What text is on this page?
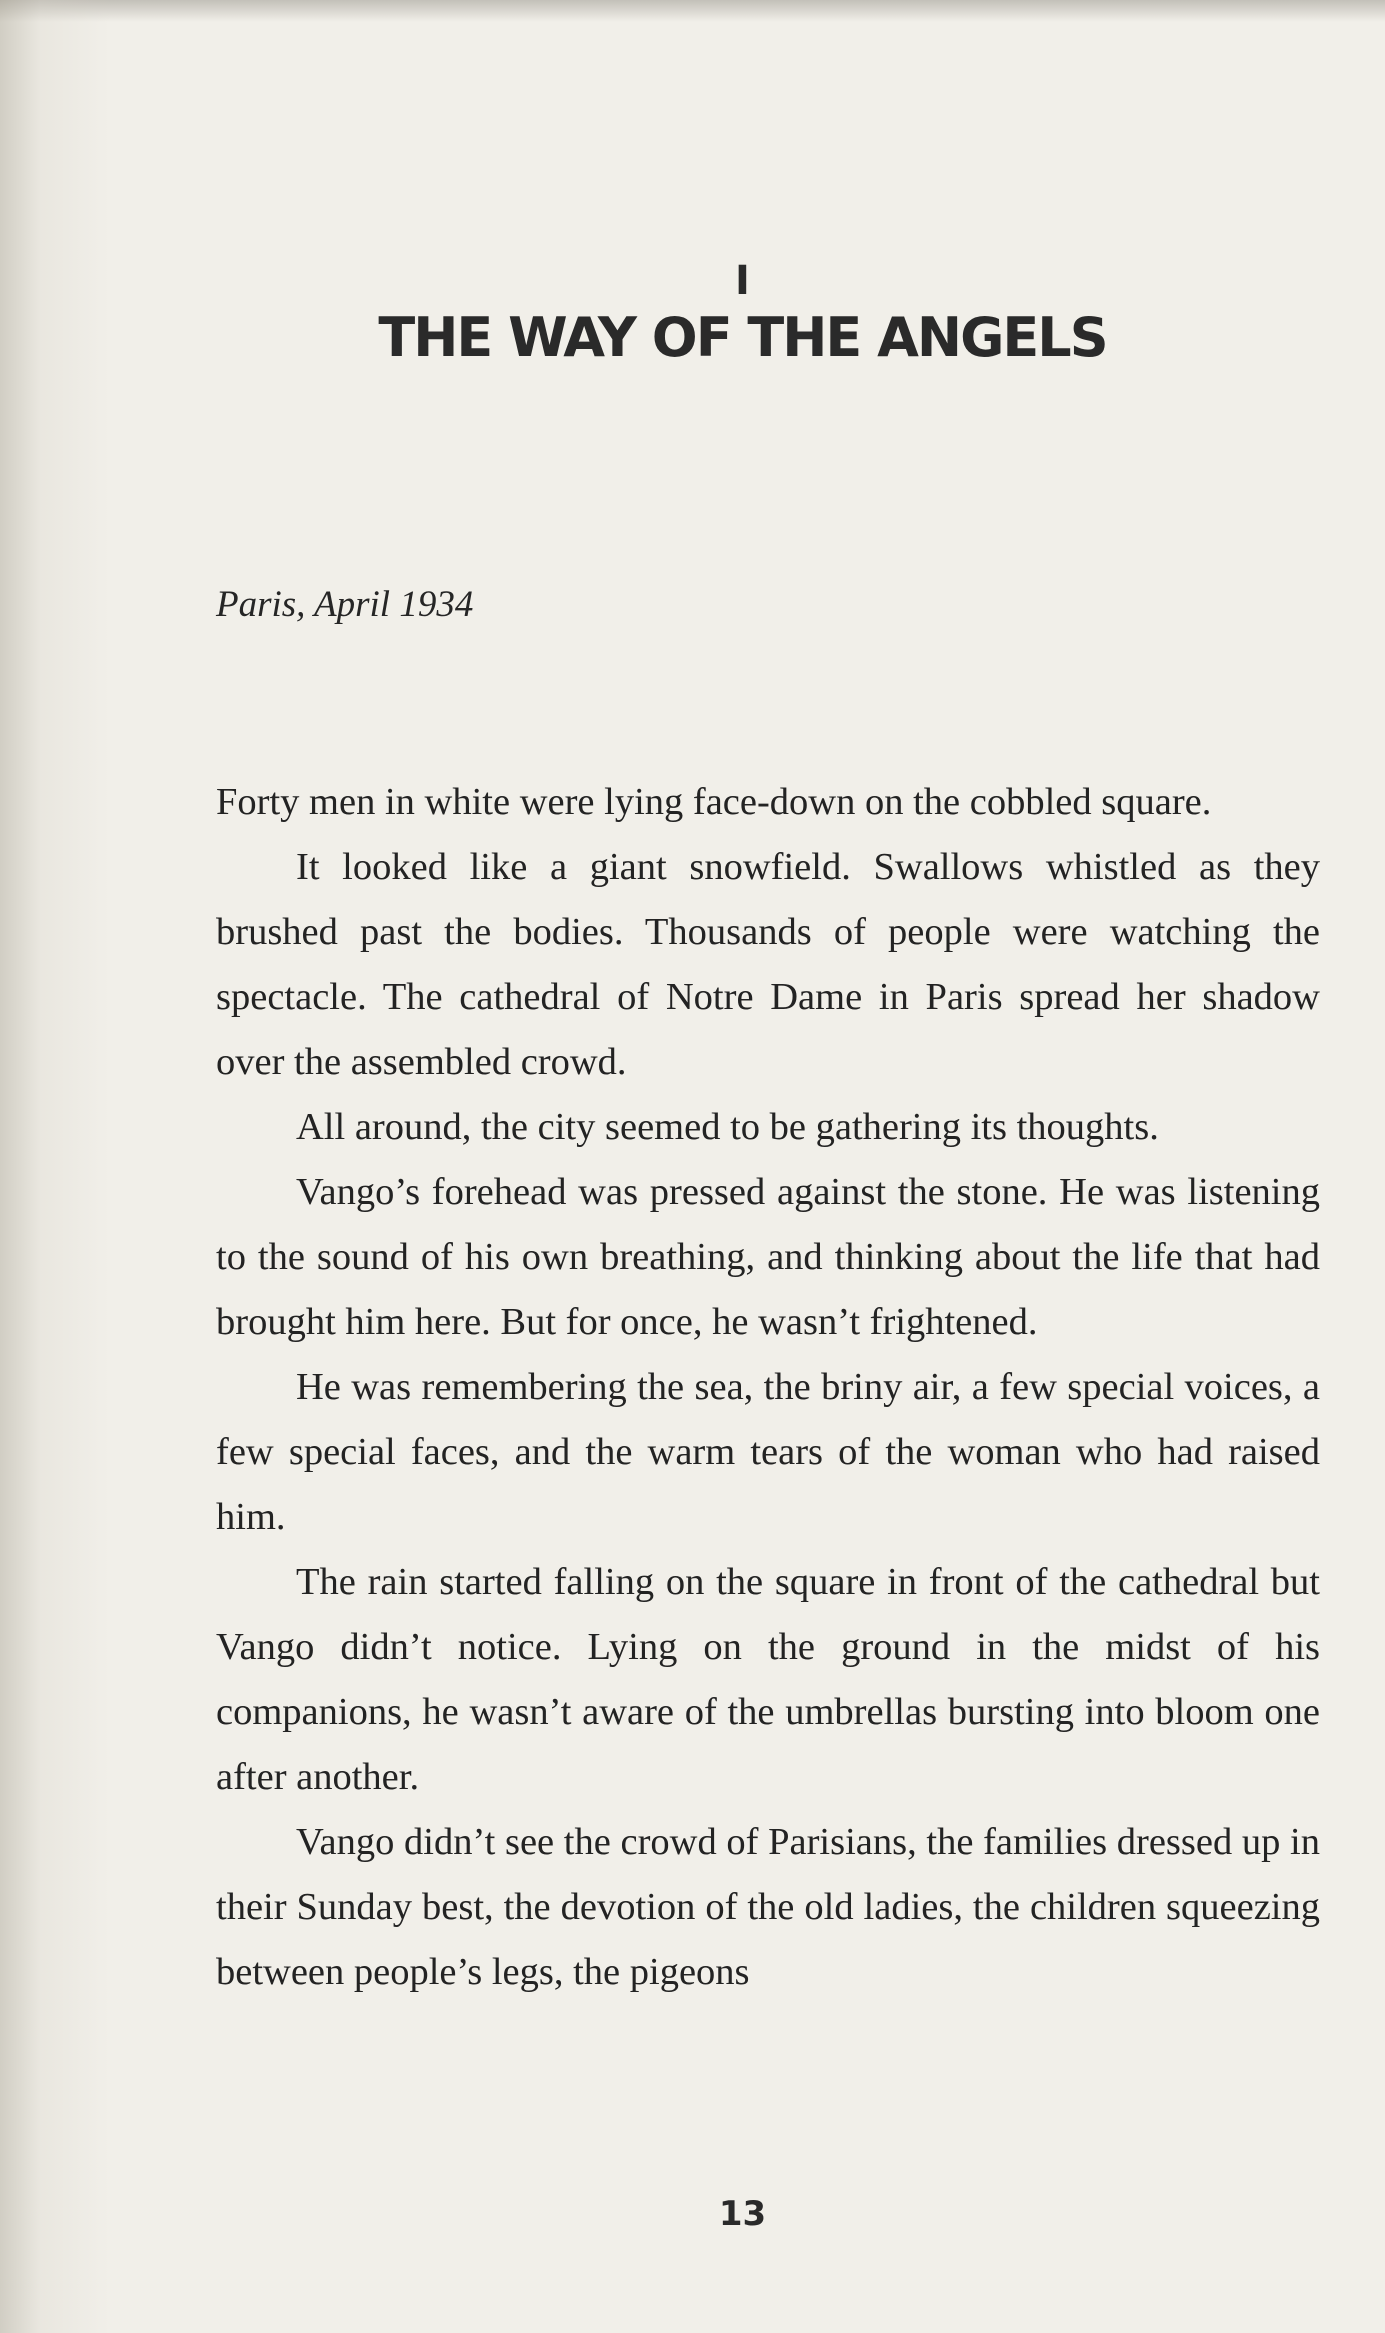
I
THE WAY OF THE ANGELS
Paris, April 1934

Forty men in white were lying face-down on the cobbled square.

It looked like a giant snowfield. Swallows whistled as they brushed past the bodies. Thousands of people were watching the spectacle. The cathedral of Notre Dame in Paris spread her shadow over the assembled crowd.

All around, the city seemed to be gathering its thoughts.

Vango’s forehead was pressed against the stone. He was listening to the sound of his own breathing, and thinking about the life that had brought him here. But for once, he wasn’t frightened.

He was remembering the sea, the briny air, a few special voices, a few special faces, and the warm tears of the woman who had raised him.

The rain started falling on the square in front of the cathedral but Vango didn’t notice. Lying on the ground in the midst of his companions, he wasn’t aware of the umbrellas bursting into bloom one after another.

Vango didn’t see the crowd of Parisians, the families dressed up in their Sunday best, the devotion of the old ladies, the children squeezing between people’s legs, the pigeons

13
